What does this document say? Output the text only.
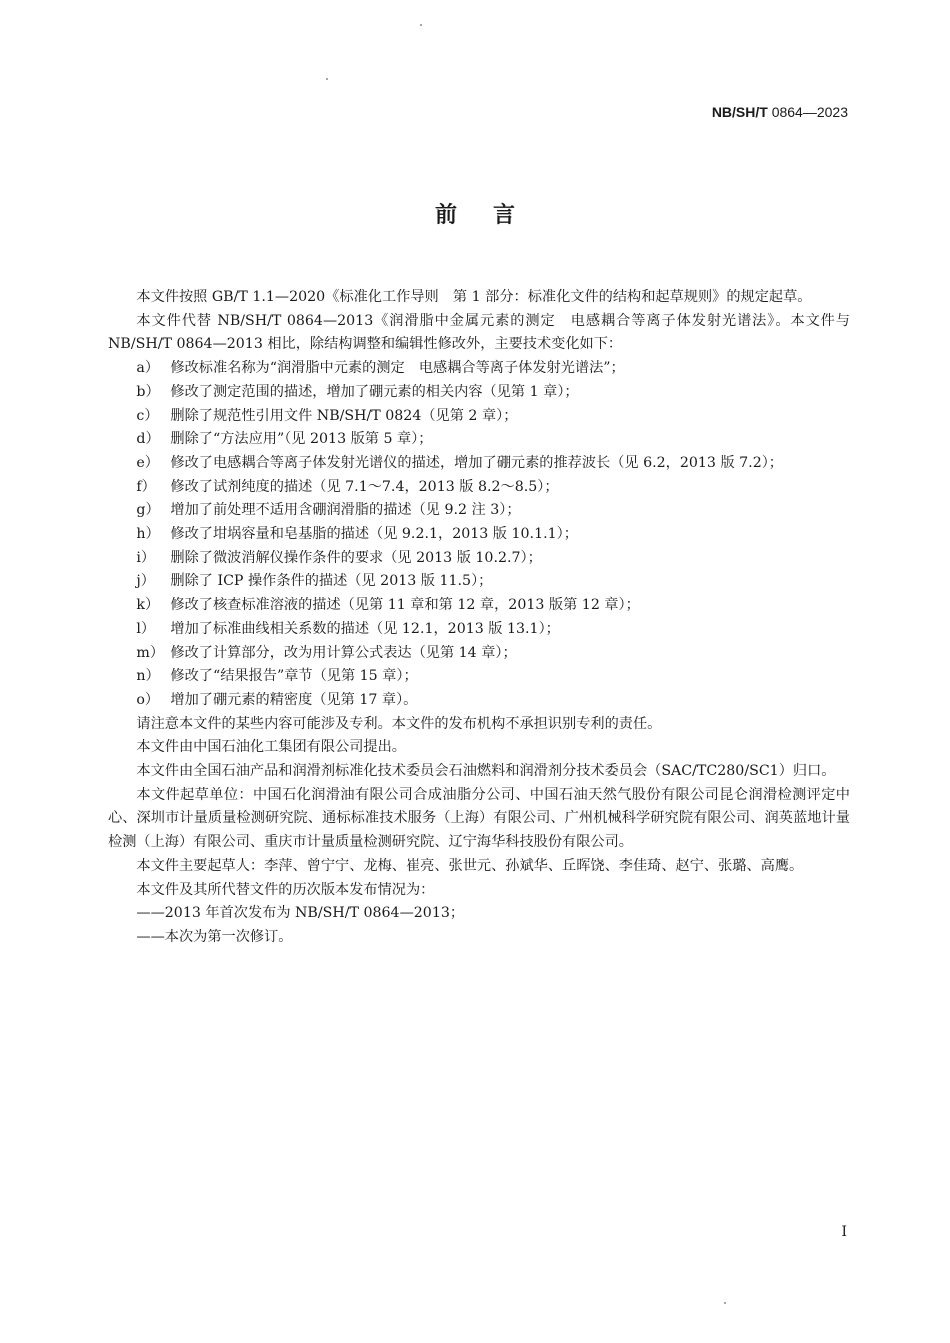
NB/SH/T 0864—2023
前言

本文件按照 GB/T 1.1—2020《标准化工作导则　第 1 部分：标准化文件的结构和起草规则》的规定起草。

本文件代替 NB/SH/T 0864—2013《润滑脂中金属元素的测定　电感耦合等离子体发射光谱法》。本文件与 NB/SH/T 0864—2013 相比，除结构调整和编辑性修改外，主要技术变化如下：

a） 修改标准名称为“润滑脂中元素的测定　电感耦合等离子体发射光谱法”；
b） 修改了测定范围的描述，增加了硼元素的相关内容（见第 1 章）；
c） 删除了规范性引用文件 NB/SH/T 0824（见第 2 章）；
d） 删除了“方法应用”（见 2013 版第 5 章）；
e） 修改了电感耦合等离子体发射光谱仪的描述，增加了硼元素的推荐波长（见 6.2，2013 版 7.2）；
f） 修改了试剂纯度的描述（见 7.1～7.4，2013 版 8.2～8.5）；
g） 增加了前处理不适用含硼润滑脂的描述（见 9.2 注 3）；
h） 修改了坩埚容量和皂基脂的描述（见 9.2.1，2013 版 10.1.1）；
i） 删除了微波消解仪操作条件的要求（见 2013 版 10.2.7）；
j） 删除了 ICP 操作条件的描述（见 2013 版 11.5）；
k） 修改了核查标准溶液的描述（见第 11 章和第 12 章，2013 版第 12 章）；
l） 增加了标准曲线相关系数的描述（见 12.1，2013 版 13.1）；
m） 修改了计算部分，改为用计算公式表达（见第 14 章）；
n） 修改了“结果报告”章节（见第 15 章）；
o） 增加了硼元素的精密度（见第 17 章）。

请注意本文件的某些内容可能涉及专利。本文件的发布机构不承担识别专利的责任。

本文件由中国石油化工集团有限公司提出。

本文件由全国石油产品和润滑剂标准化技术委员会石油燃料和润滑剂分技术委员会（SAC/TC280/SC1）归口。

本文件起草单位：中国石化润滑油有限公司合成油脂分公司、中国石油天然气股份有限公司昆仑润滑检测评定中心、深圳市计量质量检测研究院、通标标准技术服务（上海）有限公司、广州机械科学研究院有限公司、润英蓝地计量检测（上海）有限公司、重庆市计量质量检测研究院、辽宁海华科技股份有限公司。

本文件主要起草人：李萍、曾宁宁、龙梅、崔亮、张世元、孙斌华、丘晖饶、李佳琦、赵宁、张璐、高鹰。

本文件及其所代替文件的历次版本发布情况为：

——2013 年首次发布为 NB/SH/T 0864—2013；
——本次为第一次修订。
I
